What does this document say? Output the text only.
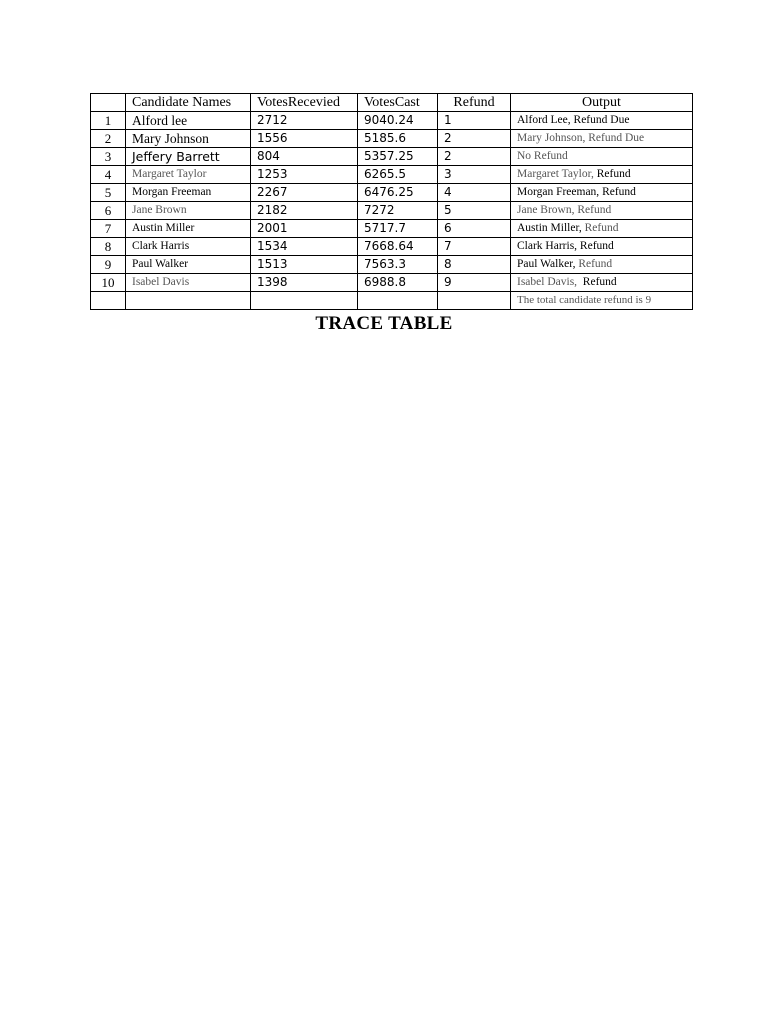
	Candidate Names	VotesRecevied	VotesCast	Refund	Output
1	Alford lee	2712	9040.24	1	Alford Lee, Refund Due
2	Mary Johnson	1556	5185.6	2	Mary Johnson, Refund Due
3	Jeffery Barrett	804	5357.25	2	No Refund
4	Margaret Taylor	1253	6265.5	3	Margaret Taylor, Refund
5	Morgan Freeman	2267	6476.25	4	Morgan Freeman, Refund
6	Jane Brown	2182	7272	5	Jane Brown, Refund
7	Austin Miller	2001	5717.7	6	Austin Miller, Refund
8	Clark Harris	1534	7668.64	7	Clark Harris, Refund
9	Paul Walker	1513	7563.3	8	Paul Walker, Refund
10	Isabel Davis	1398	6988.8	9	Isabel Davis,  Refund
					The total candidate refund is 9
TRACE TABLE
